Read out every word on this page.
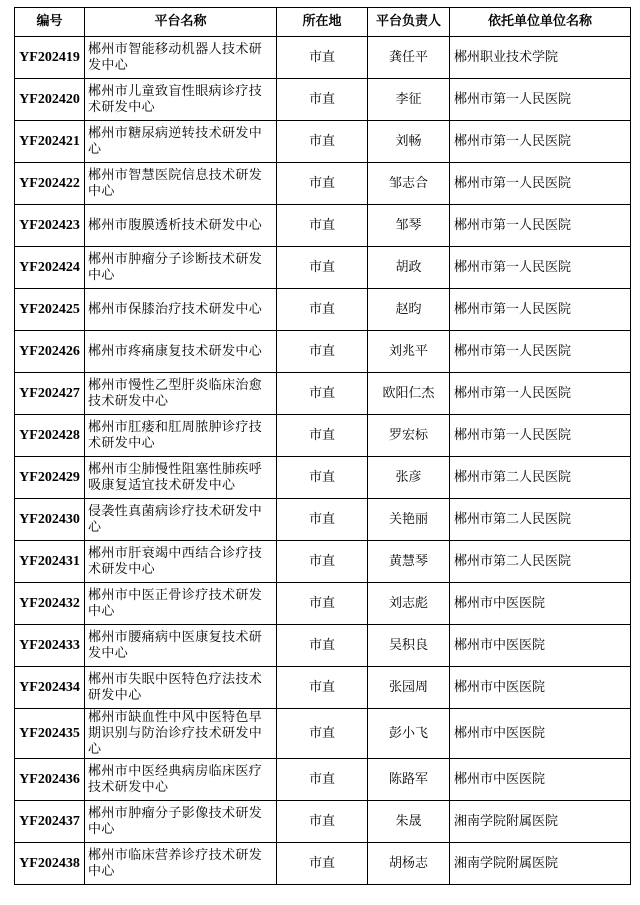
编号	平台名称	所在地	平台负责人	依托单位单位名称
YF202419	郴州市智能移动机器人技术研发中心	市直	龚任平	郴州职业技术学院
YF202420	郴州市儿童致盲性眼病诊疗技术研发中心	市直	李征	郴州市第一人民医院
YF202421	郴州市糖尿病逆转技术研发中心	市直	刘畅	郴州市第一人民医院
YF202422	郴州市智慧医院信息技术研发中心	市直	邹志合	郴州市第一人民医院
YF202423	郴州市腹膜透析技术研发中心	市直	邹琴	郴州市第一人民医院
YF202424	郴州市肿瘤分子诊断技术研发中心	市直	胡政	郴州市第一人民医院
YF202425	郴州市保膝治疗技术研发中心	市直	赵昀	郴州市第一人民医院
YF202426	郴州市疼痛康复技术研发中心	市直	刘兆平	郴州市第一人民医院
YF202427	郴州市慢性乙型肝炎临床治愈技术研发中心	市直	欧阳仁杰	郴州市第一人民医院
YF202428	郴州市肛瘘和肛周脓肿诊疗技术研发中心	市直	罗宏标	郴州市第一人民医院
YF202429	郴州市尘肺慢性阻塞性肺疾呼吸康复适宜技术研发中心	市直	张彦	郴州市第二人民医院
YF202430	侵袭性真菌病诊疗技术研发中心	市直	关艳丽	郴州市第二人民医院
YF202431	郴州市肝衰竭中西结合诊疗技术研发中心	市直	黄慧琴	郴州市第二人民医院
YF202432	郴州市中医正骨诊疗技术研发中心	市直	刘志彪	郴州市中医医院
YF202433	郴州市腰痛病中医康复技术研发中心	市直	吴积良	郴州市中医医院
YF202434	郴州市失眠中医特色疗法技术研发中心	市直	张园周	郴州市中医医院
YF202435	郴州市缺血性中风中医特色早期识别与防治诊疗技术研发中心	市直	彭小飞	郴州市中医医院
YF202436	郴州市中医经典病房临床医疗技术研发中心	市直	陈路军	郴州市中医医院
YF202437	郴州市肿瘤分子影像技术研发中心	市直	朱晟	湘南学院附属医院
YF202438	郴州市临床营养诊疗技术研发中心	市直	胡杨志	湘南学院附属医院
